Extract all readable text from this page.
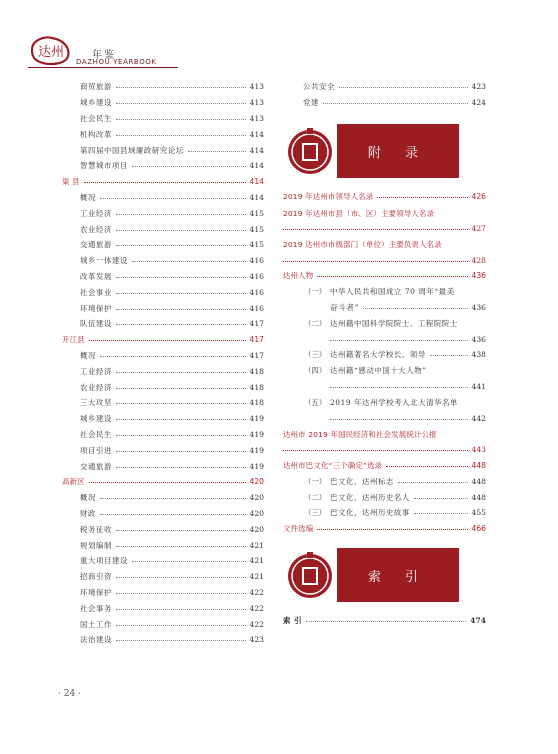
达州	年鉴
DAZHOU YEARBOOK
商贸旅游	413
城乡建设	413
社会民生	413
机构改革	414
第四届中国县域廉政研究论坛	414
智慧城市项目	414
渠 县	414
概况	414
工业经济	415
农业经济	415
交通旅游	415
城乡一体建设	416
改革发展	416
社会事业	416
环境保护	416
队伍建设	417
开江县	417
概况	417
工业经济	418
农业经济	418
三大攻坚	418
城乡建设	419
社会民生	419
项目引进	419
交通旅游	419
高新区	420
概况	420
财政	420
税务征收	420
规划编制	421
重大项目建设	421
招商引资	421
环境保护	422
社会事务	422
国土工作	422
法治建设	423
公共安全	423
党建	424
附 录
2019 年达州市领导人名录	426
2019 年达州市县（市、区）主要领导人名录
427
2019 达州市市级部门（单位）主要负责人名录
428
达州人物	436
（一） 中华人民共和国成立 70 周年“最美
奋斗者”	436
（二） 达州籍中国科学院院士、工程院院士
436
（三） 达州籍著名大学校长、领导	438
（四） 达州籍“感动中国十大人物”
441
（五） 2019 年达州学校考入北大清华名单
442
达州市 2019 年国民经济和社会发展统计公报
443
达州市巴文化“三个确定”选录	448
（一） 巴文化，达州标志	448
（二） 巴文化，达州历史名人	448
（三） 巴文化，达州历史故事	455
文件选编	466
索 引
索 引	474
· 24 ·
